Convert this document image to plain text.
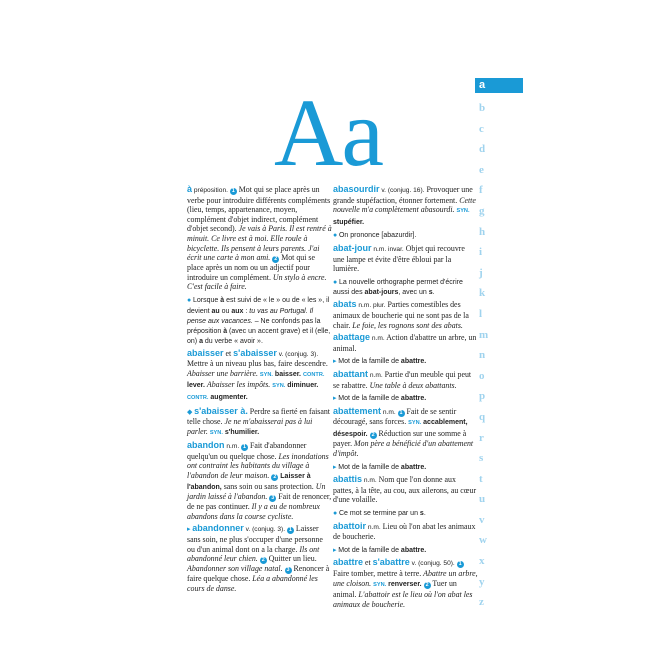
Aa
à préposition. 1 Mot qui se place après un verbe pour introduire différents compléments (lieu, temps, appartenance, moyen, complément d'objet indirect, complément d'objet second). Je vais à Paris. Il est rentré à minuit. Ce livre est à moi. Elle roule à bicyclette. Ils pensent à leurs parents. J'ai écrit une carte à mon ami. 2 Mot qui se place après un nom ou un adjectif pour introduire un complément. Un stylo à encre. C'est facile à faire.
● Lorsque à est suivi de « le » ou de « les », il devient au ou aux : tu vas au Portugal. Il pense aux vacances. – Ne confonds pas la préposition à (avec un accent grave) et il (elle, on) a du verbe « avoir ».
abaisser et s'abaisser v. (conjug. 3). Mettre à un niveau plus bas, faire descendre. Abaisser une barrière. SYN. baisser. CONTR. lever. Abaisser les impôts. SYN. diminuer. CONTR. augmenter.
◆ s'abaisser à. Perdre sa fierté en faisant telle chose. Je ne m'abaisserai pas à lui parler. SYN. s'humilier.
abandon n.m. 1 Fait d'abandonner quelqu'un ou quelque chose. Les inondations ont contraint les habitants du village à l'abandon de leur maison. 2 Laisser à l'abandon, sans soin ou sans protection. Un jardin laissé à l'abandon. 3 Fait de renoncer, de ne pas continuer. Il y a eu de nombreux abandons dans la course cycliste.
▸ abandonner v. (conjug. 3). 1 Laisser sans soin, ne plus s'occuper d'une personne ou d'un animal dont on a la charge. Ils ont abandonné leur chien. 2 Quitter un lieu. Abandonner son village natal. 3 Renoncer à faire quelque chose. Léa a abandonné les cours de danse.
abasourdir v. (conjug. 16). Provoquer une grande stupéfaction, étonner fortement. Cette nouvelle m'a complètement abasourdi. SYN. stupéfier.
● On prononce [abazurdir].
abat-jour n.m. invar. Objet qui recouvre une lampe et évite d'être ébloui par la lumière.
● La nouvelle orthographe permet d'écrire aussi des abat-jours, avec un s.
abats n.m. plur. Parties comestibles des animaux de boucherie qui ne sont pas de la chair. Le foie, les rognons sont des abats.
abattage n.m. Action d'abattre un arbre, un animal.
▸ Mot de la famille de abattre.
abattant n.m. Partie d'un meuble qui peut se rabattre. Une table à deux abattants.
▸ Mot de la famille de abattre.
abattement n.m. 1 Fait de se sentir découragé, sans forces. SYN. accablement, désespoir. 2 Réduction sur une somme à payer. Mon père a bénéficié d'un abattement d'impôt.
▸ Mot de la famille de abattre.
abattis n.m. Nom que l'on donne aux pattes, à la tête, au cou, aux ailerons, au cœur d'une volaille.
● Ce mot se termine par un s.
abattoir n.m. Lieu où l'on abat les animaux de boucherie.
▸ Mot de la famille de abattre.
abattre et s'abattre v. (conjug. 50). 1 Faire tomber, mettre à terre. Abattre un arbre, une cloison. SYN. renverser. 2 Tuer un animal. L'abattoir est le lieu où l'on abat les animaux de boucherie.
a
b
c
d
e
f
g
h
i
j
k
l
m
n
o
p
q
r
s
t
u
v
w
x
y
z
